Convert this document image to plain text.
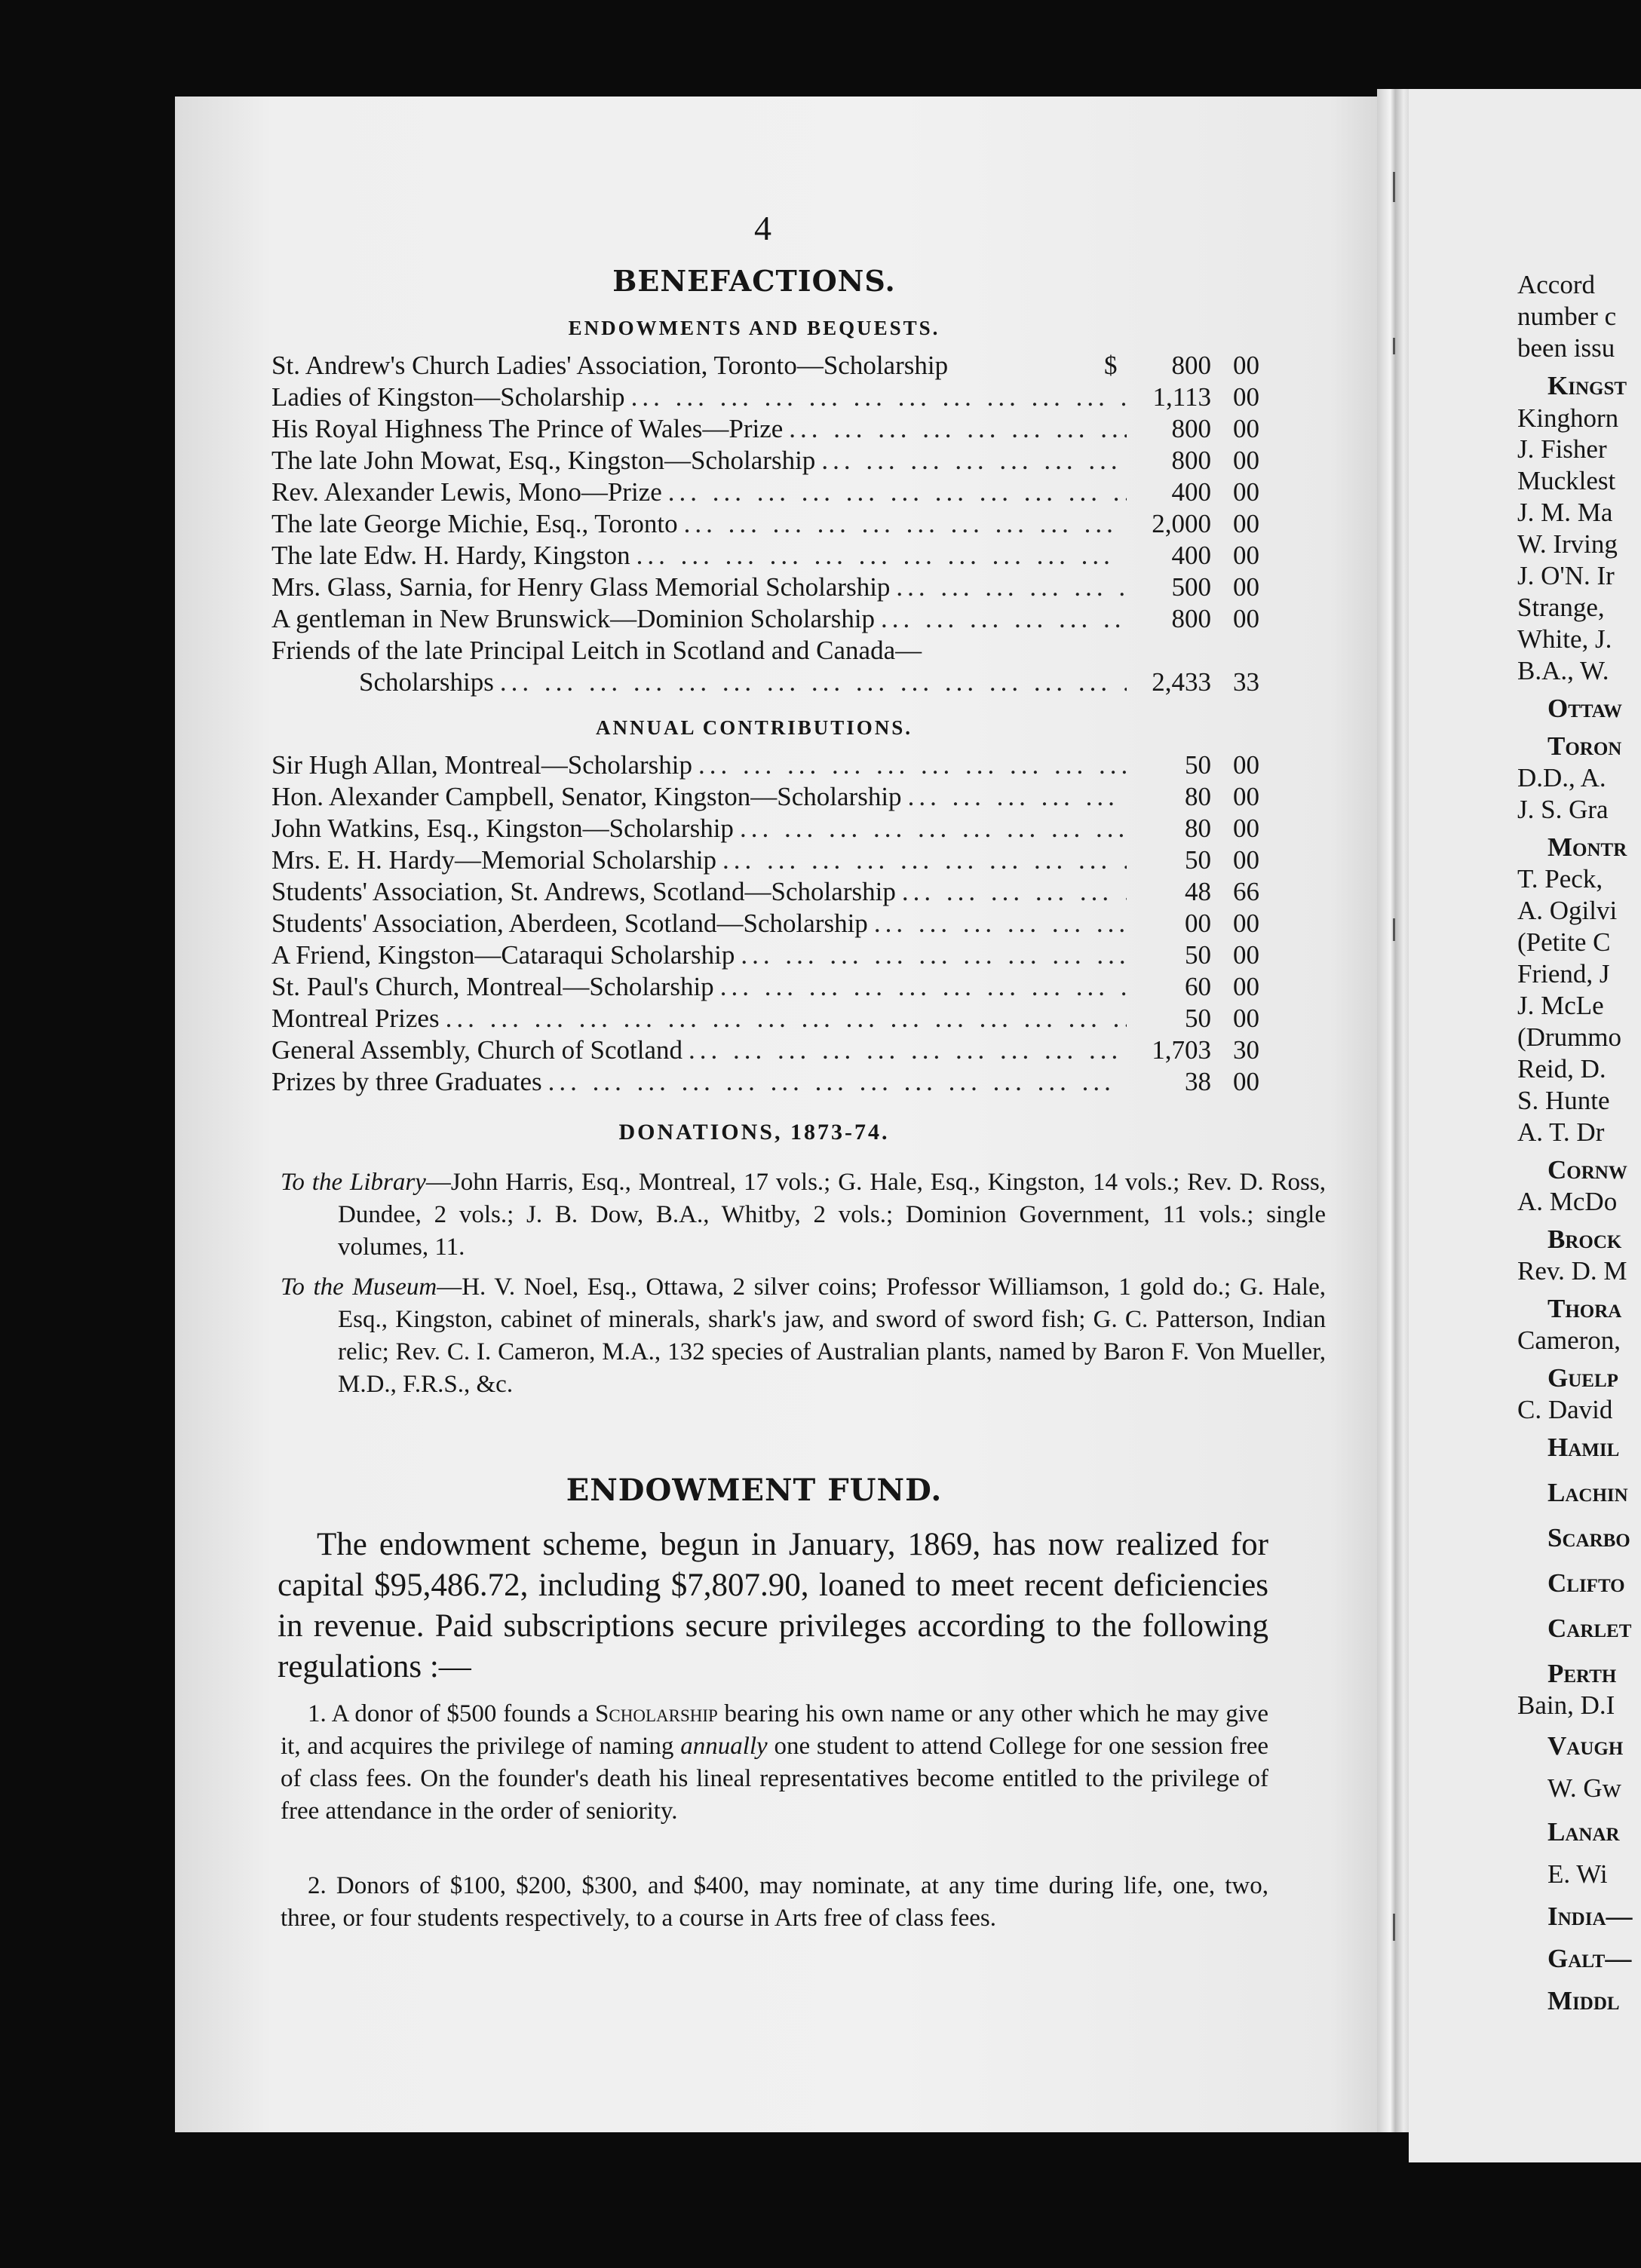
4
BENEFACTIONS.
ENDOWMENTS AND BEQUESTS.
St. Andrew's Church Ladies' Association, Toronto—Scholarship	$	800 00
Ladies of Kingston—Scholarship ... .	1,113 00
His Royal Highness The Prince of Wales—Prize ... .	800 00
The late John Mowat, Esq., Kingston—Scholarship ... .	800 00
Rev. Alexander Lewis, Mono—Prize ... .	400 00
The late George Michie, Esq., Toronto ... .	2,000 00
The late Edw. H. Hardy, Kingston ... .	400 00
Mrs. Glass, Sarnia, for Henry Glass Memorial Scholarship ... .	500 00
A gentleman in New Brunswick—Dominion Scholarship ... .	800 00
Friends of the late Principal Leitch in Scotland and Canada—
Scholarships ... .	2,433 33
ANNUAL CONTRIBUTIONS.
Sir Hugh Allan, Montreal—Scholarship ... .	50 00
Hon. Alexander Campbell, Senator, Kingston—Scholarship ... .	80 00
John Watkins, Esq., Kingston—Scholarship ... .	80 00
Mrs. E. H. Hardy—Memorial Scholarship ... .	50 00
Students' Association, St. Andrews, Scotland—Scholarship ... .	48 66
Students' Association, Aberdeen, Scotland—Scholarship ... .	00 00
A Friend, Kingston—Cataraqui Scholarship ... .	50 00
St. Paul's Church, Montreal—Scholarship ... .	60 00
Montreal Prizes ... .	50 00
General Assembly, Church of Scotland ... .	1,703 30
Prizes by three Graduates ... .	38 00
DONATIONS, 1873-74.
To the Library—John Harris, Esq., Montreal, 17 vols.; G. Hale, Esq., Kingston, 14 vols.; Rev. D. Ross, Dundee, 2 vols.; J. B. Dow, B.A., Whitby, 2 vols.; Dominion Government, 11 vols.; single volumes, 11.
To the Museum—H. V. Noel, Esq., Ottawa, 2 silver coins; Professor Williamson, 1 gold do.; G. Hale, Esq., Kingston, cabinet of minerals, shark's jaw, and sword of sword fish; G. C. Patterson, Indian relic; Rev. C. I. Cameron, M.A., 132 species of Australian plants, named by Baron F. Von Mueller, M.D., F.R.S., &c.
ENDOWMENT FUND.
The endowment scheme, begun in January, 1869, has now realized for capital $95,486.72, including $7,807.90, loaned to meet recent deficiencies in revenue. Paid subscriptions secure privileges according to the following regulations :—
1. A donor of $500 founds a Scholarship bearing his own name or any other which he may give it, and acquires the privilege of naming annually one student to attend College for one session free of class fees. On the founder's death his lineal representatives become entitled to the privilege of free attendance in the order of seniority.
2. Donors of $100, $200, $300, and $400, may nominate, at any time during life, one, two, three, or four students respectively, to a course in Arts free of class fees.
Accord
number c
been issu
Kingst
Kinghorn
J. Fisher
Mucklest
J. M. Ma
W. Irving
J. O'N. Ir
Strange,
White, J.
B.A., W.
Ottaw
Toron
D.D., A.
J. S. Gra
Montr
T. Peck,
A. Ogilvi
(Petite C
Friend, J
J. McLe
(Drummo
Reid, D.
S. Hunte
A. T. Dr
Cornw
A. McDo
Brock
Rev. D. M
Thora
Cameron,
Guelp
C. David
Hamil
Lachin
Scarbo
Clifto
Carlet
Perth
Bain, D.I
Vaugh
W. Gw
Lanar
E. Wi
India—
Galt—
Middl
